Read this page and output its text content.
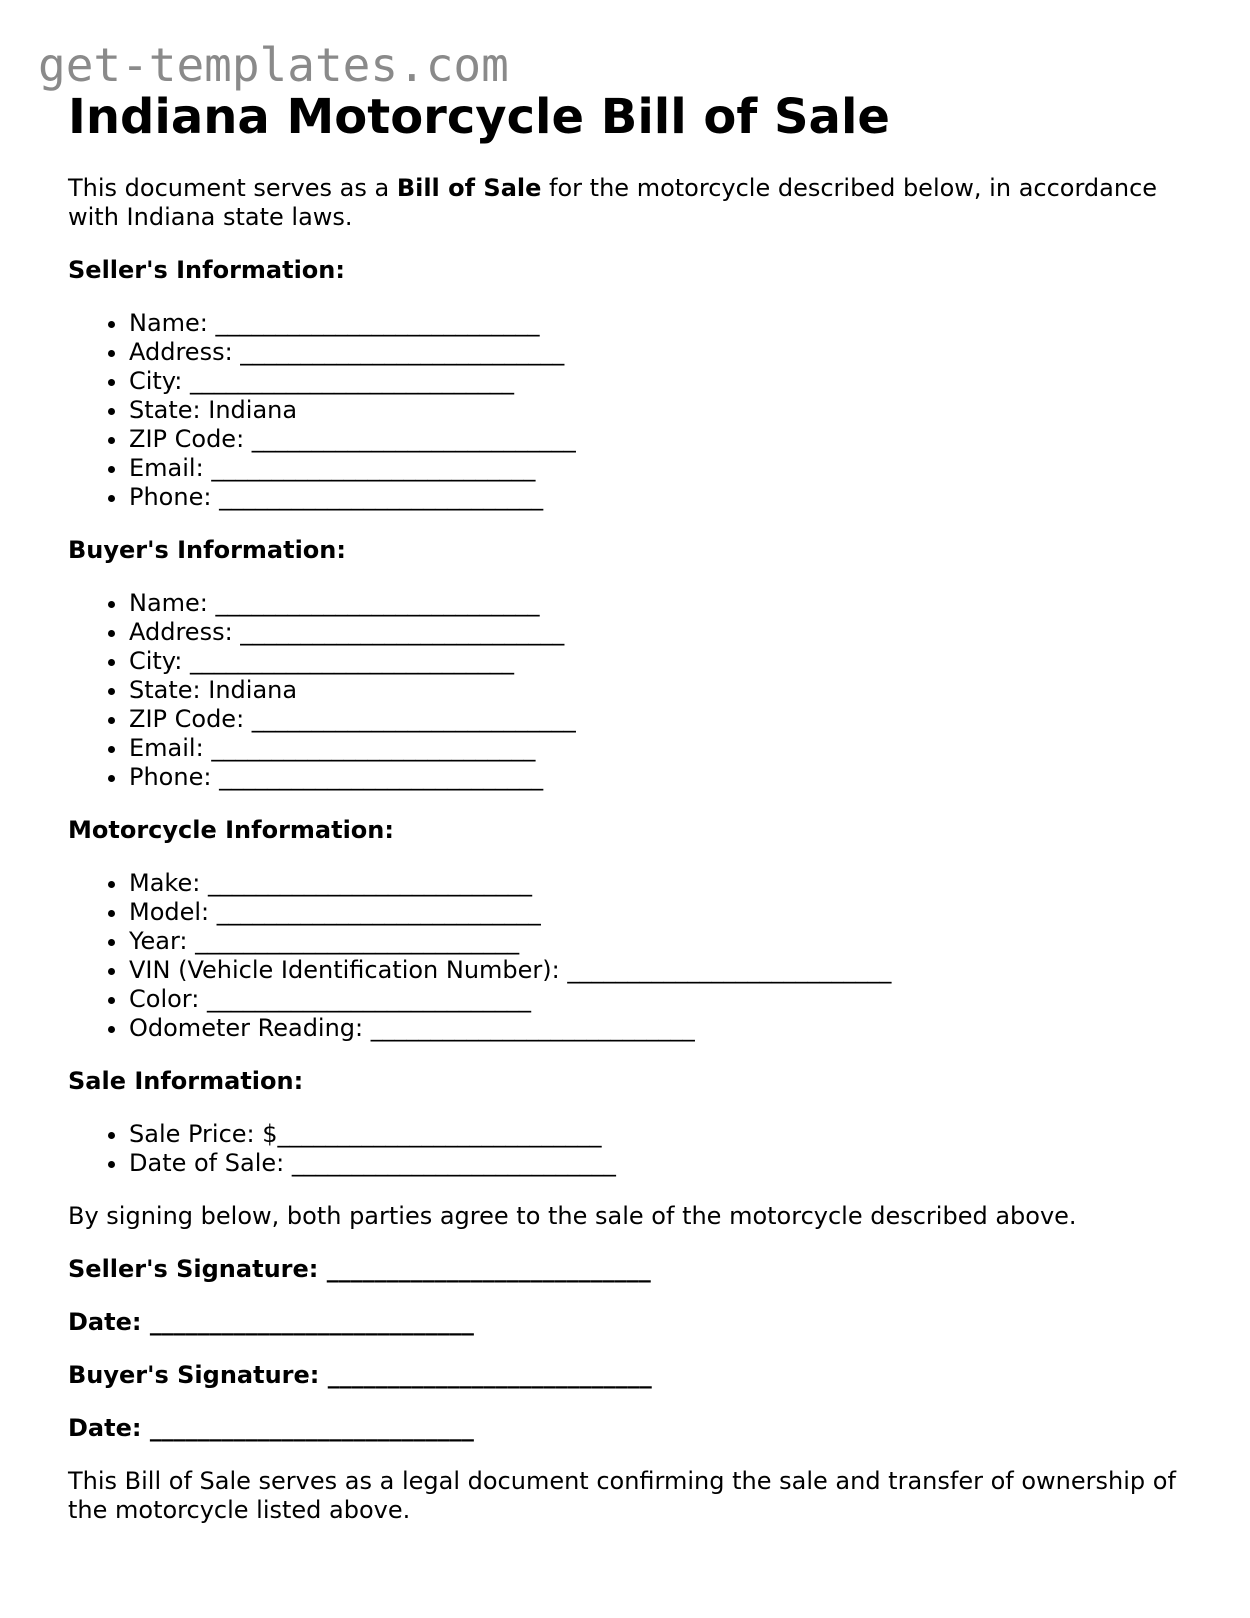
get-templates.com
Indiana Motorcycle Bill of Sale

This document serves as a Bill of Sale for the motorcycle described below, in accordance with Indiana state laws.

Seller's Information:
• Name: ___________________________
• Address: ___________________________
• City: ___________________________
• State: Indiana
• ZIP Code: ___________________________
• Email: ___________________________
• Phone: ___________________________
Buyer's Information:
• Name: ___________________________
• Address: ___________________________
• City: ___________________________
• State: Indiana
• ZIP Code: ___________________________
• Email: ___________________________
• Phone: ___________________________
Motorcycle Information:
• Make: ___________________________
• Model: ___________________________
• Year: ___________________________
• VIN (Vehicle Identification Number): ___________________________
• Color: ___________________________
• Odometer Reading: ___________________________
Sale Information:
• Sale Price: $___________________________
• Date of Sale: ___________________________

By signing below, both parties agree to the sale of the motorcycle described above.

Seller's Signature: ___________________________
Date: ___________________________
Buyer's Signature: ___________________________
Date: ___________________________

This Bill of Sale serves as a legal document confirming the sale and transfer of ownership of the motorcycle listed above.
